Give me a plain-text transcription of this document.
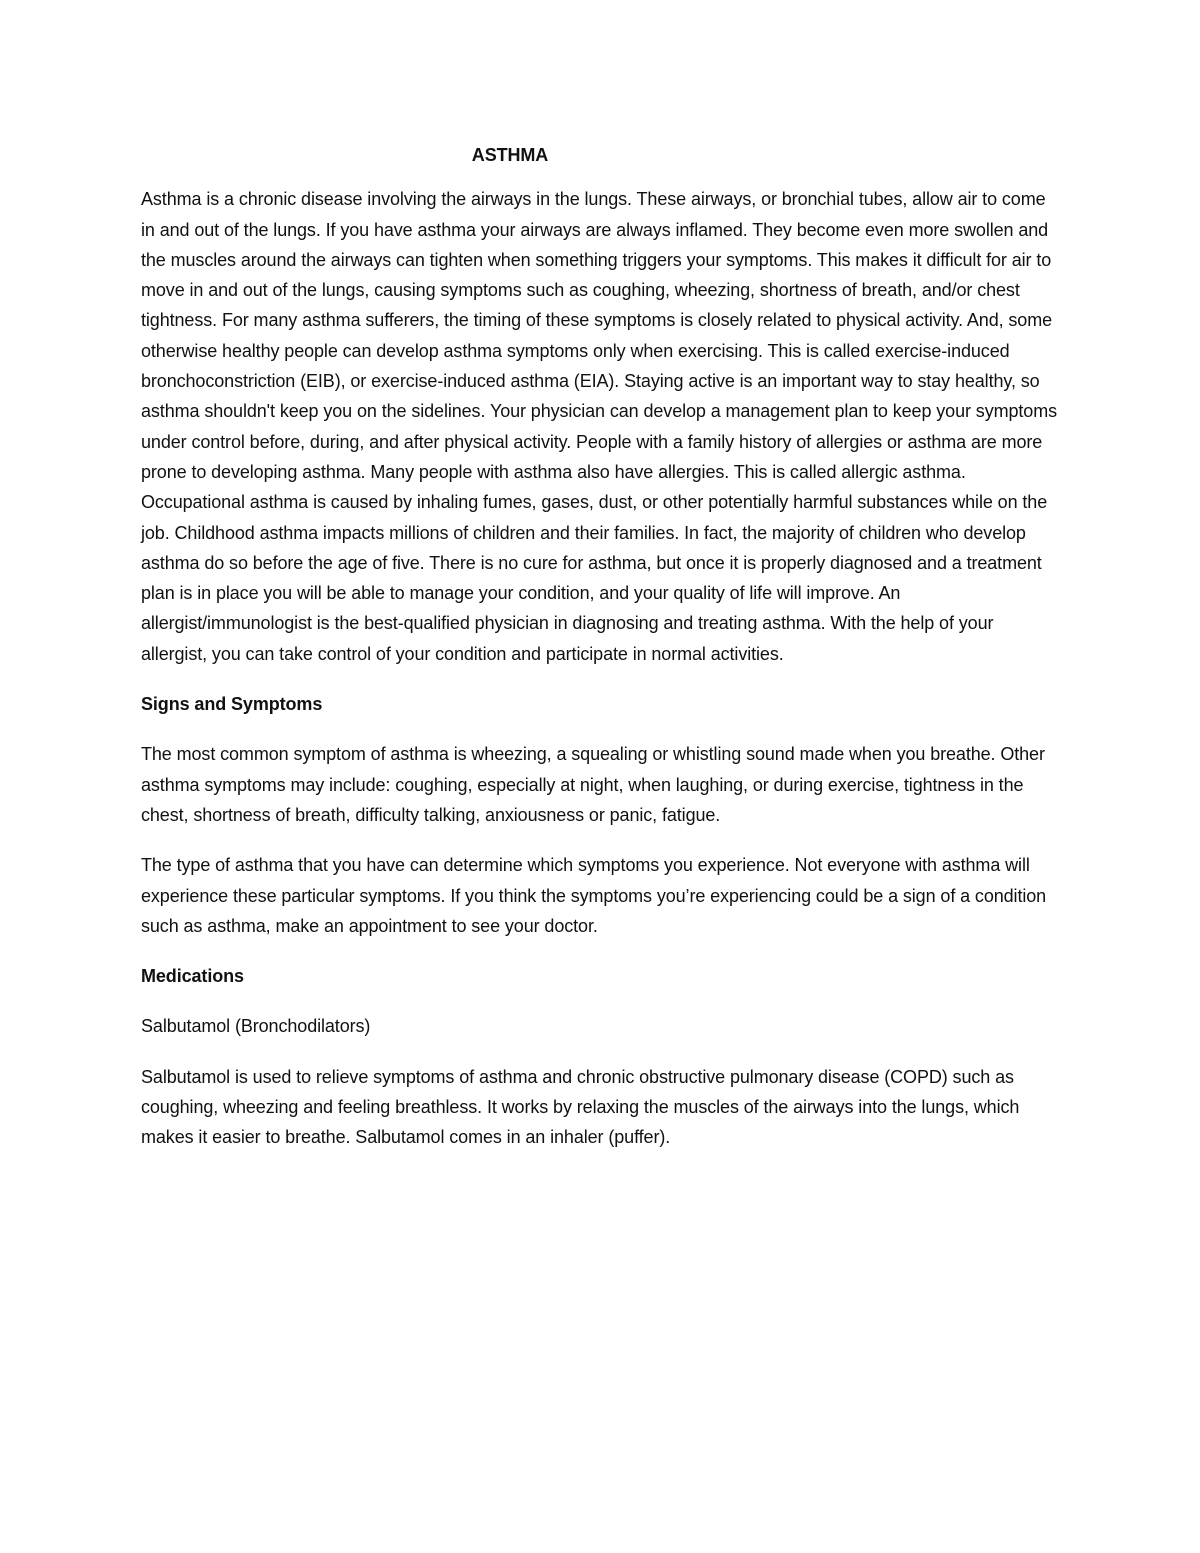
ASTHMA

Asthma is a chronic disease involving the airways in the lungs. These airways, or bronchial tubes, allow air to come in and out of the lungs. If you have asthma your airways are always inflamed. They become even more swollen and the muscles around the airways can tighten when something triggers your symptoms. This makes it difficult for air to move in and out of the lungs, causing symptoms such as coughing, wheezing, shortness of breath, and/or chest tightness. For many asthma sufferers, the timing of these symptoms is closely related to physical activity. And, some otherwise healthy people can develop asthma symptoms only when exercising. This is called exercise-induced bronchoconstriction (EIB), or exercise-induced asthma (EIA). Staying active is an important way to stay healthy, so asthma shouldn't keep you on the sidelines. Your physician can develop a management plan to keep your symptoms under control before, during, and after physical activity. People with a family history of allergies or asthma are more prone to developing asthma. Many people with asthma also have allergies. This is called allergic asthma. Occupational asthma is caused by inhaling fumes, gases, dust, or other potentially harmful substances while on the job. Childhood asthma impacts millions of children and their families. In fact, the majority of children who develop asthma do so before the age of five. There is no cure for asthma, but once it is properly diagnosed and a treatment plan is in place you will be able to manage your condition, and your quality of life will improve. An allergist/immunologist is the best-qualified physician in diagnosing and treating asthma. With the help of your allergist, you can take control of your condition and participate in normal activities.

Signs and Symptoms

The most common symptom of asthma is wheezing, a squealing or whistling sound made when you breathe. Other asthma symptoms may include: coughing, especially at night, when laughing, or during exercise, tightness in the chest, shortness of breath, difficulty talking, anxiousness or panic, fatigue.

The type of asthma that you have can determine which symptoms you experience. Not everyone with asthma will experience these particular symptoms. If you think the symptoms you’re experiencing could be a sign of a condition such as asthma, make an appointment to see your doctor.

Medications
Salbutamol (Bronchodilators)

Salbutamol is used to relieve symptoms of asthma and chronic obstructive pulmonary disease (COPD) such as coughing, wheezing and feeling breathless. It works by relaxing the muscles of the airways into the lungs, which makes it easier to breathe. Salbutamol comes in an inhaler (puffer).
